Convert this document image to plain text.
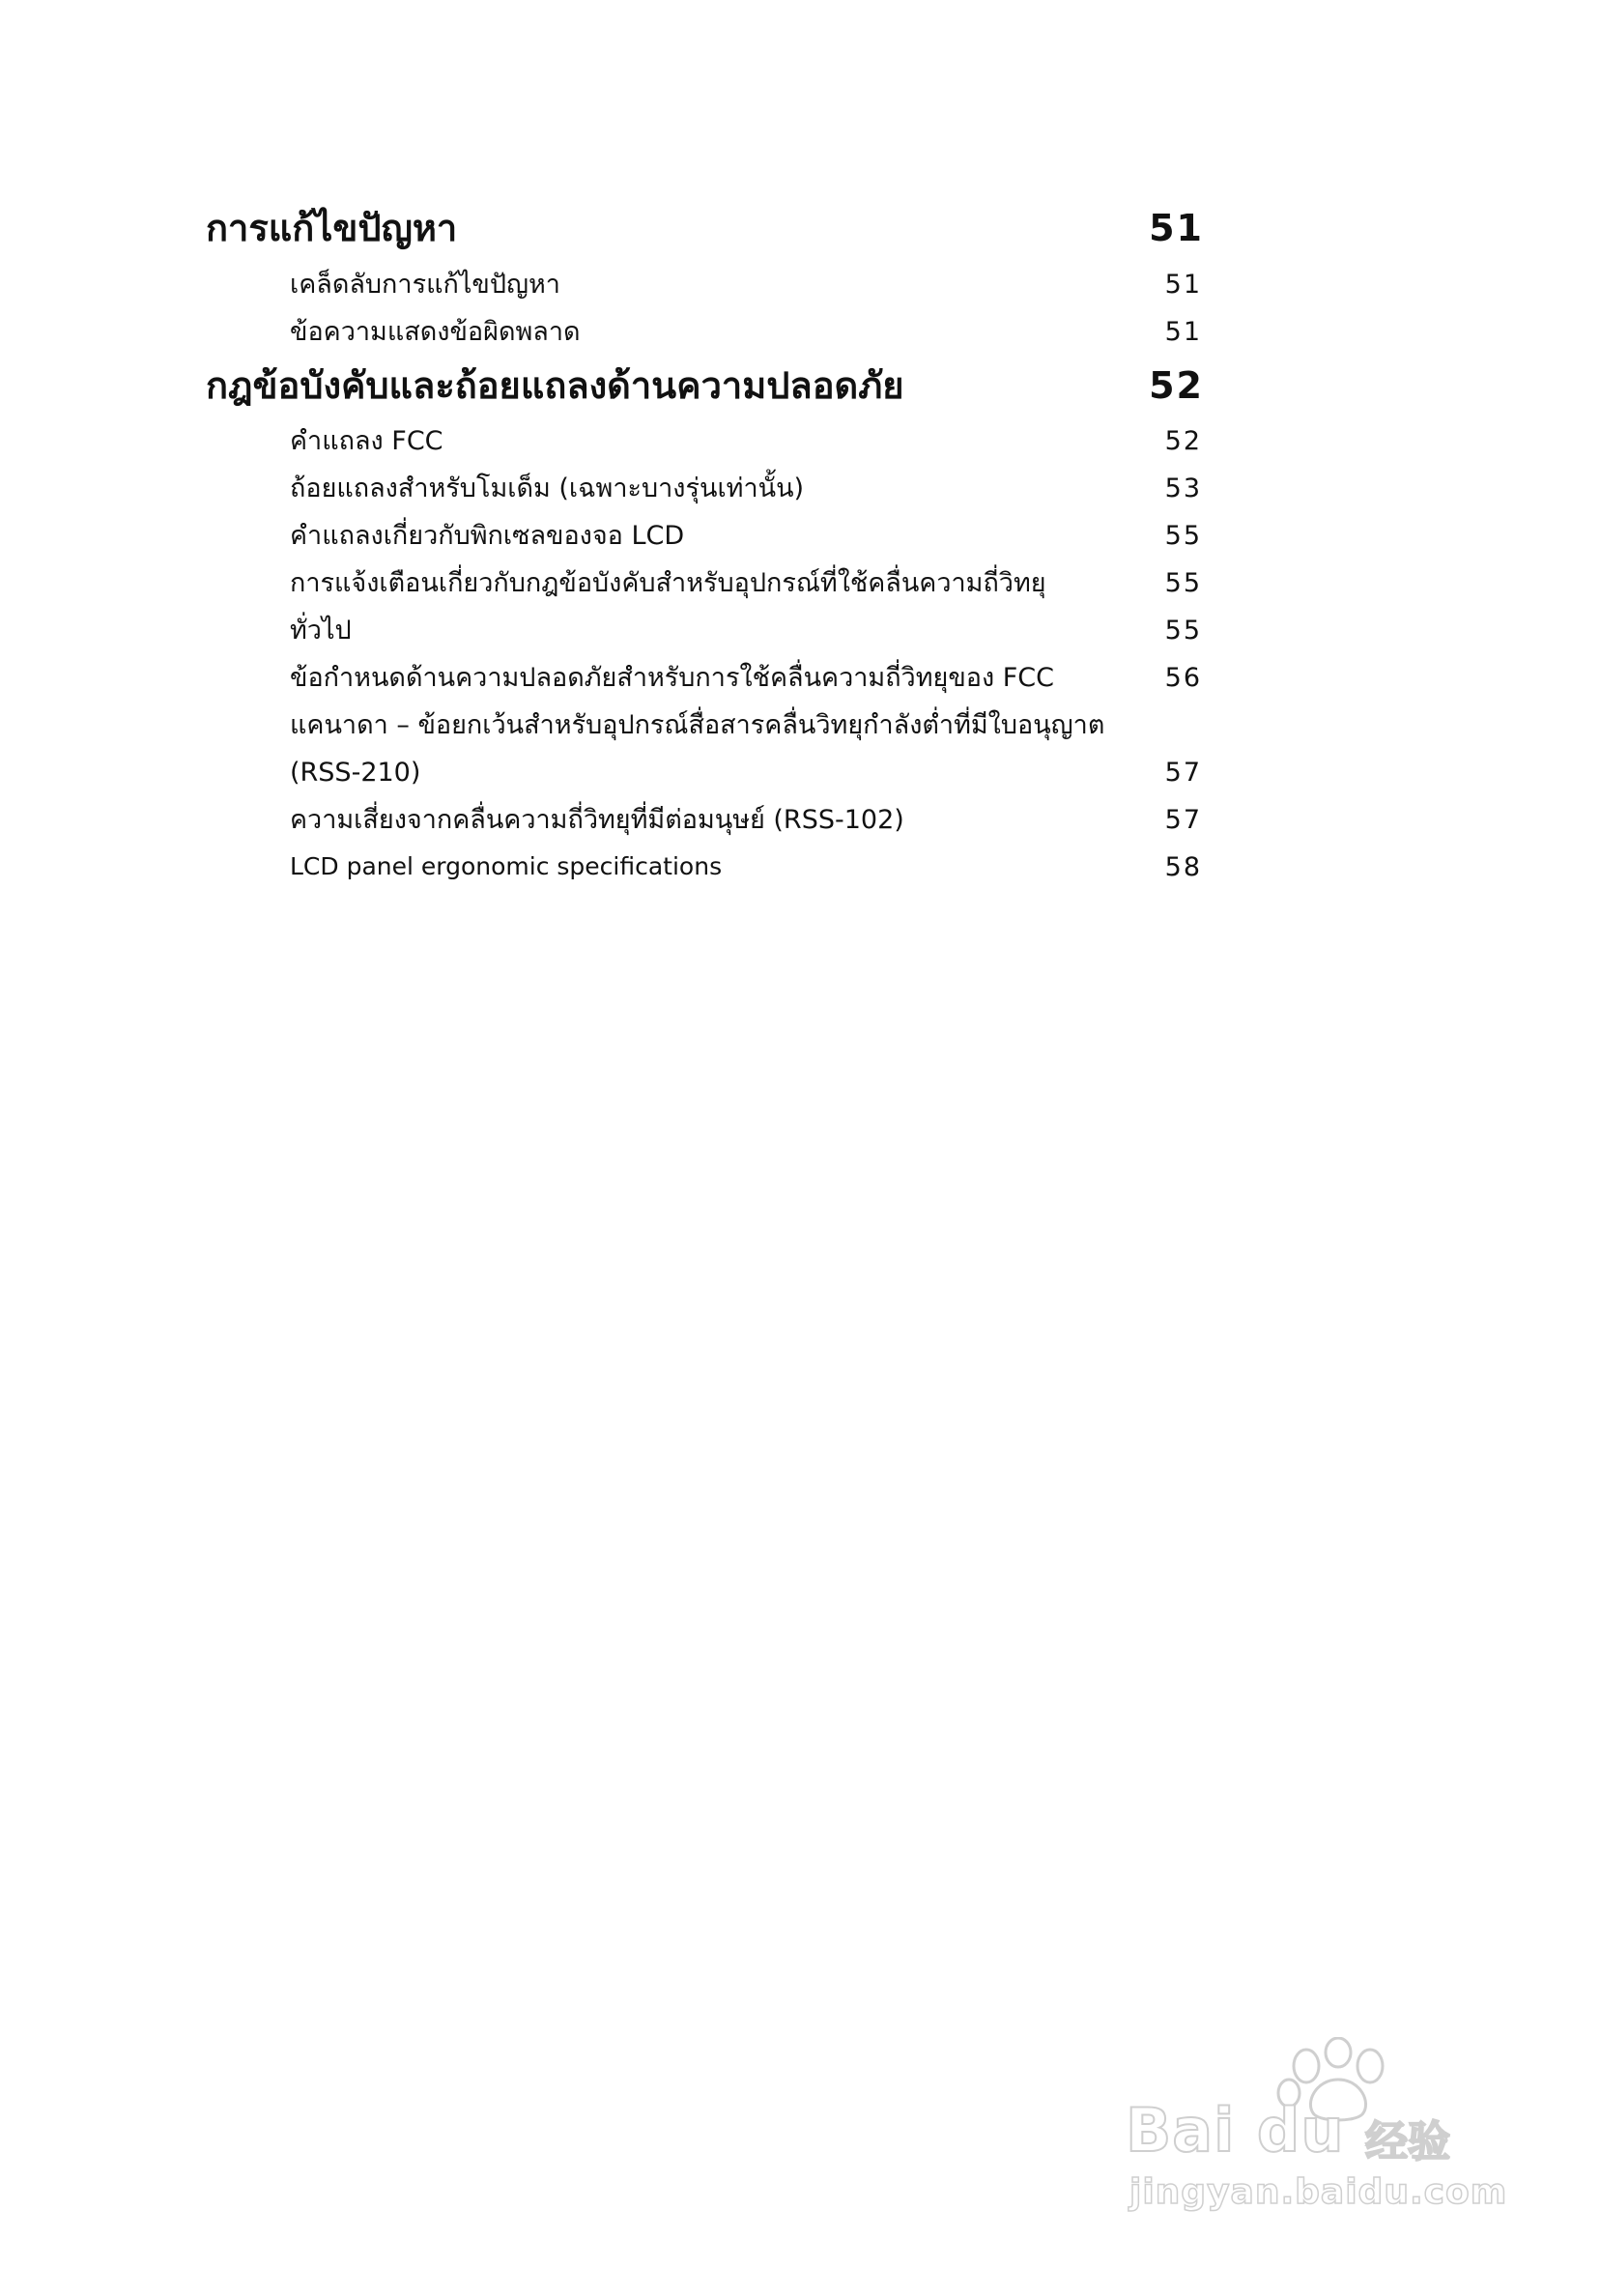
การแก้ไขปัญหา	51
เคล็ดลับการแก้ไขปัญหา	51
ข้อความแสดงข้อผิดพลาด	51
กฎข้อบังคับและถ้อยแถลงด้านความปลอดภัย	52
คำแถลง FCC	52
ถ้อยแถลงสำหรับโมเด็ม (เฉพาะบางรุ่นเท่านั้น)	53
คำแถลงเกี่ยวกับพิกเซลของจอ LCD	55
การแจ้งเตือนเกี่ยวกับกฎข้อบังคับสำหรับอุปกรณ์ที่ใช้คลื่นความถี่วิทยุ	55
ทั่วไป	55
ข้อกำหนดด้านความปลอดภัยสำหรับการใช้คลื่นความถี่วิทยุของ FCC	56
แคนาดา – ข้อยกเว้นสำหรับอุปกรณ์สื่อสารคลื่นวิทยุกำลังต่ำที่มีใบอนุญาต
(RSS-210)	57
ความเสี่ยงจากคลื่นความถี่วิทยุที่มีต่อมนุษย์ (RSS-102)	57
LCD panel ergonomic specifications	58
Bai du 经验
jingyan.baidu.com
